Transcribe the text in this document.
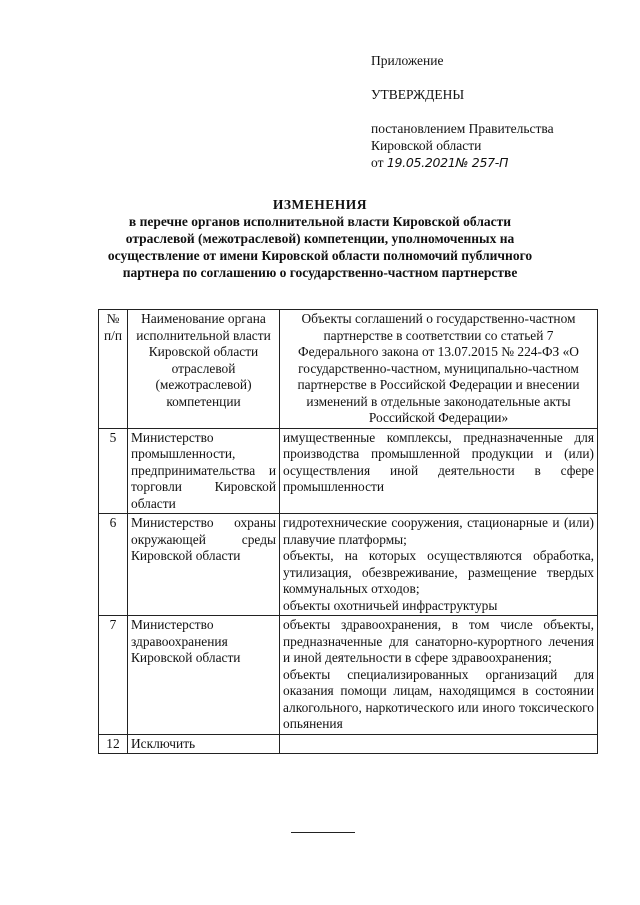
Приложение
УТВЕРЖДЕНЫ
постановлением Правительства
Кировской области
от 19.05.2021№ 257-П
ИЗМЕНЕНИЯ
в перечне органов исполнительной власти Кировской области
отраслевой (межотраслевой) компетенции, уполномоченных на
осуществление от имени Кировской области полномочий публичного
партнера по соглашению о государственно-частном партнерстве
№ п/п	Наименование органа исполнительной власти Кировской области отраслевой (межотраслевой) компетенции	Объекты соглашений о государственно-частном партнерстве в соответствии со статьей 7 Федерального закона от 13.07.2015 № 224-ФЗ «О государственно-частном, муниципально-частном партнерстве в Российской Федерации и внесении изменений в отдельные законодательные акты Российской Федерации»
5	Министерство промышленности, предпринимательства и торговли Кировской области	имущественные комплексы, предназначенные для производства промышленной продукции и (или) осуществления иной деятельности в сфере промышленности

6	Министерство охраны окружающей среды Кировской области	гидротехнические сооружения, стационарные и (или) плавучие платформы;
объекты, на которых осуществляются обработка, утилизация, обезвреживание, размещение твердых коммунальных отходов;
объекты охотничьей инфраструктуры

7	Министерство здравоохранения Кировской области	объекты здравоохранения, в том числе объекты, предназначенные для санаторно-курортного лечения и иной деятельности в сфере здравоохранения;
объекты специализированных организаций для оказания помощи лицам, находящимся в состоянии алкогольного, наркотического или иного токсического опьянения

12	Исключить	
